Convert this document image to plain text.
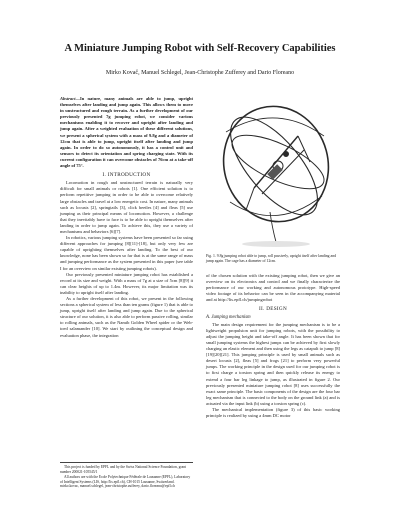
A Miniature Jumping Robot with Self-Recovery Capabilities
Mirko Kovač, Manuel Schlegel, Jean-Christophe Zufferey and Dario Floreano
Abstract—In nature, many animals are able to jump, upright themselves after landing and jump again. This allows them to move in unstructured and rough terrain. As a further development of our previously presented 7g jumping robot, we consider various mechanisms enabling it to recover and upright after landing and jump again. After a weighted evaluation of these different solutions, we present a spherical system with a mass of 9.8g and a diameter of 12cm that is able to jump, upright itself after landing and jump again. In order to do so autonomously, it has a control unit and sensors to detect its orientation and spring charging state. With its current configuration it can overcome obstacles of 76cm at a take-off angle of 75°.
I. INTRODUCTION

Locomotion in rough and unstructured terrain is naturally very difficult for small animals or robots [1]. One efficient solution is to perform repetitive jumping in order to be able to overcome relatively large obstacles and travel at a low energetic cost. In nature, many animals such as locusts [2], springtails [3], click beetles [4] and fleas [5] use jumping as their principal means of locomotion. However, a challenge that they inevitably have to face is to be able to upright themselves after landing in order to jump again. To achieve this, they use a variety of mechanisms and behaviors [6][7].

In robotics, various jumping systems have been presented so far using different approaches for jumping [8][11]-[18], but only very few are capable of uprighting themselves after landing. To the best of our knowledge, none has been shown so far that is at the same range of mass and jumping performance as the system presented in this paper (see table I for an overview on similar existing jumping robots).

Our previously presented miniature jumping robot has established a record at its size and weight. With a mass of 7g at a size of 5cm [8][9] it can clear heights of up to 1.4m. However, its major limitation was its inability to upright itself after landing.

As a further development of this robot, we present in the following sections a spherical system of less than ten grams (figure 1) that is able to jump, upright itself after landing and jump again. Due to the spherical structure of our solution, it is also able to perform passive rolling, similar to rolling animals, such as the Namib Golden Wheel spider or the Web-toed salamander [10]. We start by outlining the conceptual design and evaluation phase, the integration

This project is funded by EPFL and by the Swiss National Science Foundation, grant number 200021-105545/1

All authors are with the Ecole Polytechnique Fédérale de Lausanne (EPFL), Laboratory of Intelligent Systems (LIS, http://lis.epfl.ch), CH-1015 Lausanne, Switzerland. mirko.kovac, manuel.schlegel, jean-christophe.zufferey, dario.floreano@epfl.ch

Fig. 1. 9.8g jumping robot able to jump, roll passively, upright itself after landing and jump again. The cage has a diameter of 12cm.

of the chosen solution with the existing jumping robot, then we give an overview on its electronics and control and we finally characterize the performance of our working and autonomous prototype. High-speed video footage of its behavior can be seen in the accompanying material and at http://lis.epfl.ch/jumpingrobot

II. DESIGN
A. Jumping mechanism

The main design requirement for the jumping mechanism is to be a lightweight propulsion unit for jumping robots, with the possibility to adjust the jumping height and take-off angle. It has been shown that for small jumping systems the highest jumps can be achieved by first slowly charging an elastic element and then using the legs as catapult to jump [8][19][20][21]. This jumping principle is used by small animals such as desert locusts [2], fleas [5] and frogs [21] to perform very powerful jumps. The working principle in the design used for our jumping robot is to first charge a torsion spring and then quickly release its energy to extend a four bar leg linkage to jump, as illustrated in figure 2. Our previously presented miniature jumping robot [8] uses successfully the exact same principle. The basic components of the design are the four bar leg mechanism that is connected to the body on the ground link (a) and is actuated via the input link (b) using a torsion spring (c).

The mechanical implementation (figure 3) of this basic working principle is realized by using a 4mm DC motor
